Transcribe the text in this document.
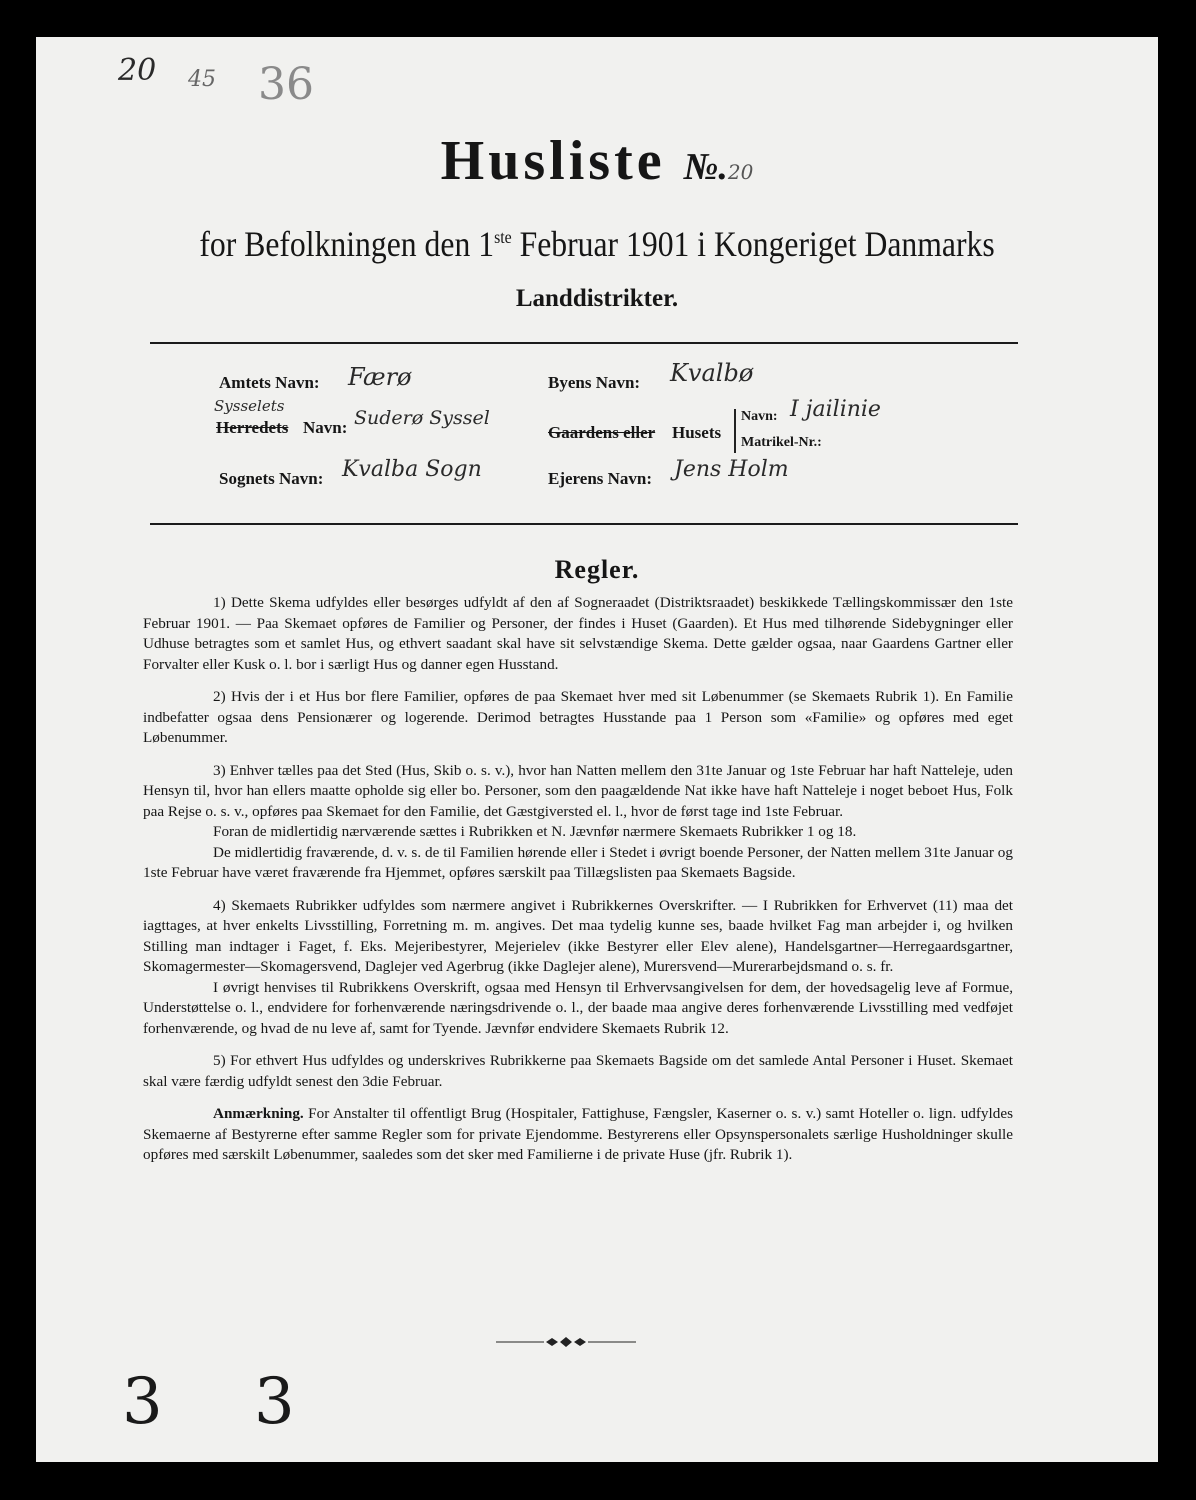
20 45 36
Husliste №.20
for Befolkningen den 1ste Februar 1901 i Kongeriget Danmarks
Landdistrikter.
Amtets Navn: Færø	Byens Navn: Kvalbø
Sysselets
Herredets Navn: Suderø Syssel
Gaardens eller Husets
Navn: I jailinie
Matrikel-Nr.:
Sognets Navn: Kvalba Sogn	Ejerens Navn: Jens Holm
Regler.

1) Dette Skema udfyldes eller besørges udfyldt af den af Sogneraadet (Distriktsraadet) beskikkede Tællingskommissær den 1ste Februar 1901. — Paa Skemaet opføres de Familier og Personer, der findes i Huset (Gaarden). Et Hus med tilhørende Sidebygninger eller Udhuse betragtes som et samlet Hus, og ethvert saadant skal have sit selvstændige Skema. Dette gælder ogsaa, naar Gaardens Gartner eller Forvalter eller Kusk o. l. bor i særligt Hus og danner egen Husstand.

2) Hvis der i et Hus bor flere Familier, opføres de paa Skemaet hver med sit Løbenummer (se Skemaets Rubrik 1). En Familie indbefatter ogsaa dens Pensionærer og logerende. Derimod betragtes Husstande paa 1 Person som «Familie» og opføres med eget Løbenummer.

3) Enhver tælles paa det Sted (Hus, Skib o. s. v.), hvor han Natten mellem den 31te Januar og 1ste Februar har haft Natteleje, uden Hensyn til, hvor han ellers maatte opholde sig eller bo. Personer, som den paagældende Nat ikke have haft Natteleje i noget beboet Hus, Folk paa Rejse o. s. v., opføres paa Skemaet for den Familie, det Gæstgiversted el. l., hvor de først tage ind 1ste Februar.

Foran de midlertidig nærværende sættes i Rubrikken et N. Jævnfør nærmere Skemaets Rubrikker 1 og 18.

De midlertidig fraværende, d. v. s. de til Familien hørende eller i Stedet i øvrigt boende Personer, der Natten mellem 31te Januar og 1ste Februar have været fraværende fra Hjemmet, opføres særskilt paa Tillægslisten paa Skemaets Bagside.

4) Skemaets Rubrikker udfyldes som nærmere angivet i Rubrikkernes Overskrifter. — I Rubrikken for Erhvervet (11) maa det iagttages, at hver enkelts Livsstilling, Forretning m. m. angives. Det maa tydelig kunne ses, baade hvilket Fag man arbejder i, og hvilken Stilling man indtager i Faget, f. Eks. Mejeribestyrer, Mejerielev (ikke Bestyrer eller Elev alene), Handelsgartner—Herregaardsgartner, Skomagermester—Skomagersvend, Daglejer ved Agerbrug (ikke Daglejer alene), Murersvend—Murerarbejdsmand o. s. fr.

I øvrigt henvises til Rubrikkens Overskrift, ogsaa med Hensyn til Erhvervsangivelsen for dem, der hovedsagelig leve af Formue, Understøttelse o. l., endvidere for forhenværende næringsdrivende o. l., der baade maa angive deres forhenværende Livsstilling med vedføjet forhenværende, og hvad de nu leve af, samt for Tyende. Jævnfør endvidere Skemaets Rubrik 12.

5) For ethvert Hus udfyldes og underskrives Rubrikkerne paa Skemaets Bagside om det samlede Antal Personer i Huset. Skemaet skal være færdig udfyldt senest den 3die Februar.

Anmærkning. For Anstalter til offentligt Brug (Hospitaler, Fattighuse, Fængsler, Kaserner o. s. v.) samt Hoteller o. lign. udfyldes Skemaerne af Bestyrerne efter samme Regler som for private Ejendomme. Bestyrerens eller Opsynspersonalets særlige Husholdninger skulle opføres med særskilt Løbenummer, saaledes som det sker med Familierne i de private Huse (jfr. Rubrik 1).

3 3
